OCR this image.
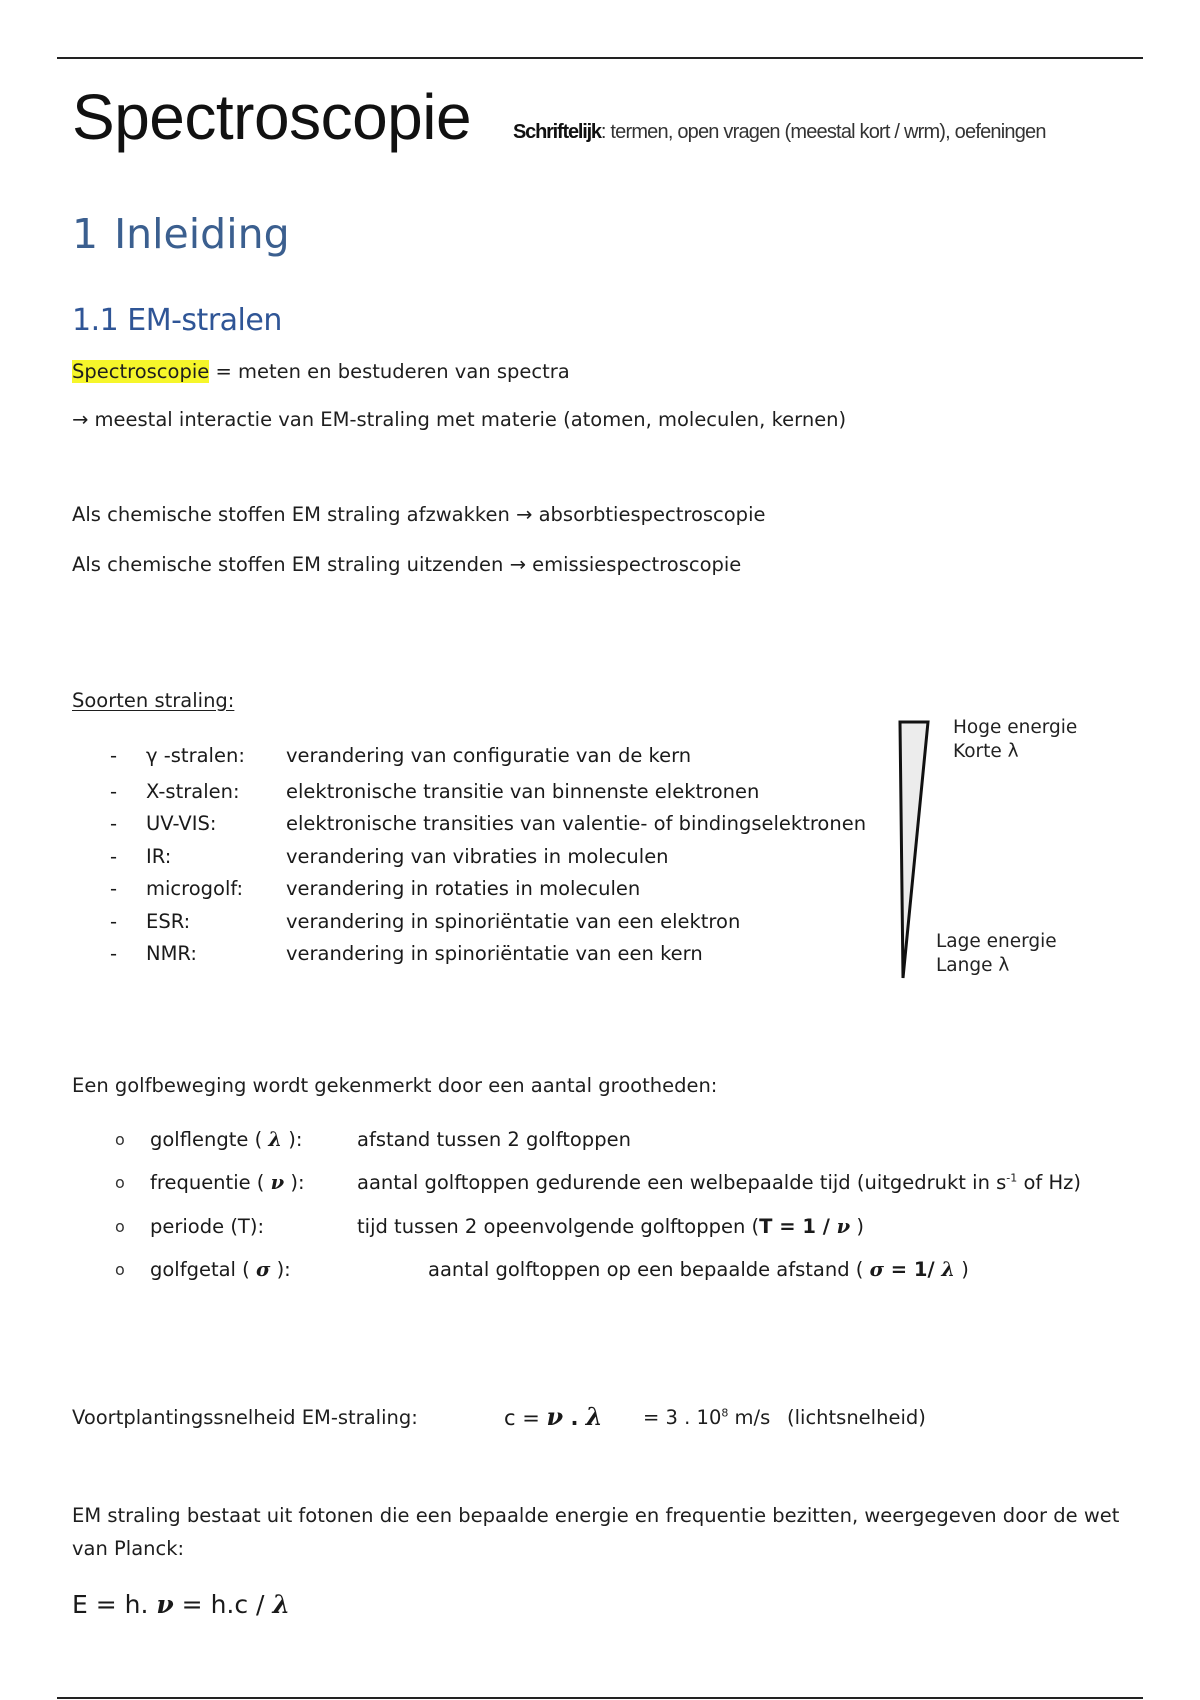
Spectroscopie Schriftelijk: termen, open vragen (meestal kort / wrm), oefeningen
1 Inleiding
1.1 EM-stralen
Spectroscopie = meten en bestuderen van spectra
→ meestal interactie van EM-straling met materie (atomen, moleculen, kernen)
Als chemische stoffen EM straling afzwakken → absorbtiespectroscopie
Als chemische stoffen EM straling uitzenden → emissiespectroscopie
Soorten straling:
- γ -stralen: verandering van configuratie van de kern
- X-stralen: elektronische transitie van binnenste elektronen
- UV-VIS:	elektronische transities van valentie- of bindingselektronen
- IR:	verandering van vibraties in moleculen
- microgolf: verandering in rotaties in moleculen
- ESR:	verandering in spinoriëntatie van een elektron
- NMR:	verandering in spinoriëntatie van een kern
Hoge energie
Korte λ
Lage energie
Lange λ
Een golfbeweging wordt gekenmerkt door een aantal grootheden:
o golflengte ( λ ):	afstand tussen 2 golftoppen
o frequentie ( ν ):	aantal golftoppen gedurende een welbepaalde tijd (uitgedrukt in $s^{-1}$ of Hz)
o periode (T):	tijd tussen 2 opeenvolgende golftoppen (T = 1 / ν )
o golfgetal ( σ ):	aantal golftoppen op een bepaalde afstand ( σ = 1/ λ )
Voortplantingssnelheid EM-straling:	c = ν . λ = 3 . $10^8$ m/s (lichtsnelheid)
EM straling bestaat uit fotonen die een bepaalde energie en frequentie bezitten, weergegeven door de wet
van Planck:
E = h. ν = h.c / λ
